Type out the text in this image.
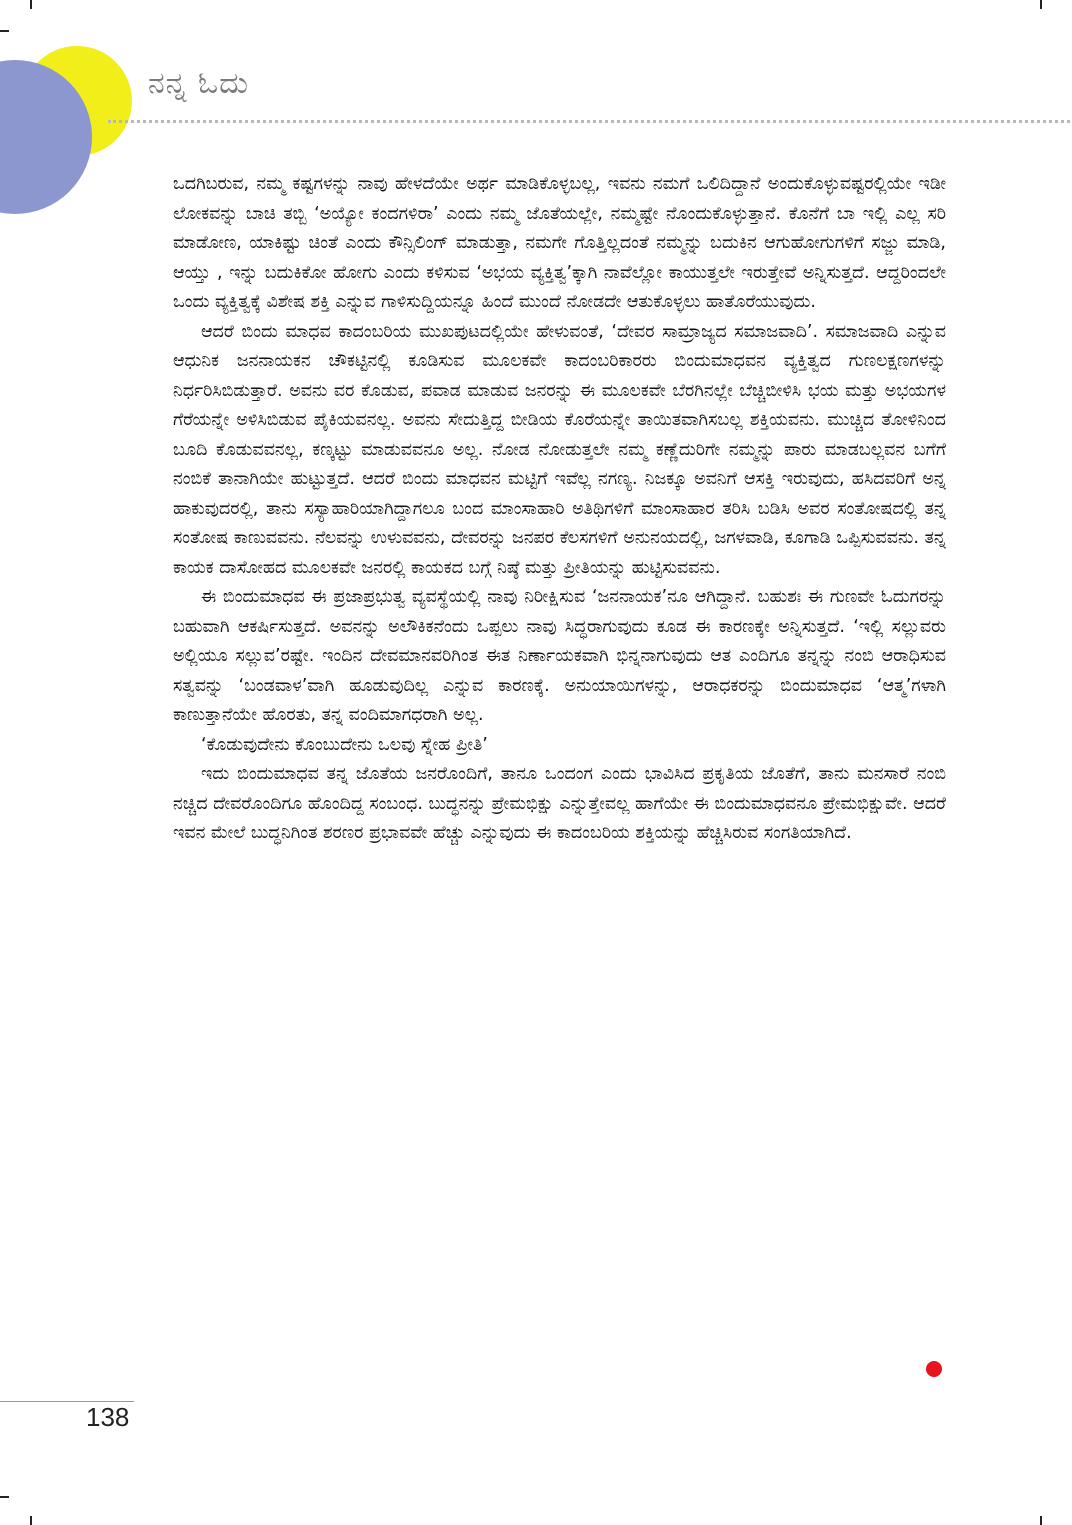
ನನ್ನ ಓದು

ಒದಗಿಬರುವ, ನಮ್ಮ ಕಷ್ಟಗಳನ್ನು ನಾವು ಹೇಳದೆಯೇ ಅರ್ಥ ಮಾಡಿಕೊಳ್ಳಬಲ್ಲ, ಇವನು ನಮಗೆ ಒಲಿದಿದ್ದಾನೆ ಅಂದುಕೊಳ್ಳುವಷ್ಟರಲ್ಲಿಯೇ ಇಡೀ ಲೋಕವನ್ನು ಬಾಚಿ ತಬ್ಬಿ ‘ಅಯ್ಯೋ ಕಂದಗಳಿರಾ’ ಎಂದು ನಮ್ಮ ಜೊತೆಯಲ್ಲೇ, ನಮ್ಮಷ್ಟೇ ನೊಂದುಕೊಳ್ಳುತ್ತಾನೆ. ಕೊನೆಗೆ ಬಾ ಇಲ್ಲಿ ಎಲ್ಲ ಸರಿ ಮಾಡೋಣ, ಯಾಕಿಷ್ಟು ಚಿಂತೆ ಎಂದು ಕೌನ್ಸಿಲಿಂಗ್ ಮಾಡುತ್ತಾ, ನಮಗೇ ಗೊತ್ತಿಲ್ಲದಂತೆ ನಮ್ಮನ್ನು ಬದುಕಿನ ಆಗುಹೋಗುಗಳಿಗೆ ಸಜ್ಜು ಮಾಡಿ, ಆಯ್ತು , ಇನ್ನು ಬದುಕಿಕೋ ಹೋಗು ಎಂದು ಕಳಿಸುವ ‘ಅಭಯ ವ್ಯಕ್ತಿತ್ವ’ಕ್ಕಾಗಿ ನಾವೆಲ್ಲೋ ಕಾಯುತ್ತಲೇ ಇರುತ್ತೇವೆ ಅನ್ನಿಸುತ್ತದೆ. ಆದ್ದರಿಂದಲೇ ಒಂದು ವ್ಯಕ್ತಿತ್ವಕ್ಕೆ ವಿಶೇಷ ಶಕ್ತಿ ಎನ್ನುವ ಗಾಳಿಸುದ್ದಿಯನ್ನೂ ಹಿಂದೆ ಮುಂದೆ ನೋಡದೇ ಆತುಕೊಳ್ಳಲು ಹಾತೊರೆಯುವುದು.

ಆದರೆ ಬಿಂದು ಮಾಧವ ಕಾದಂಬರಿಯ ಮುಖಪುಟದಲ್ಲಿಯೇ ಹೇಳುವಂತೆ, ‘ದೇವರ ಸಾಮ್ರಾಜ್ಯದ ಸಮಾಜವಾದಿ’. ಸಮಾಜವಾದಿ ಎನ್ನುವ ಆಧುನಿಕ ಜನನಾಯಕನ ಚೌಕಟ್ಟಿನಲ್ಲಿ ಕೂಡಿಸುವ ಮೂಲಕವೇ ಕಾದಂಬರಿಕಾರರು ಬಿಂದುಮಾಧವನ ವ್ಯಕ್ತಿತ್ವದ ಗುಣಲಕ್ಷಣಗಳನ್ನು ನಿರ್ಧರಿಸಿಬಿಡುತ್ತಾರೆ. ಅವನು ವರ ಕೊಡುವ, ಪವಾಡ ಮಾಡುವ ಜನರನ್ನು ಈ ಮೂಲಕವೇ ಬೆರಗಿನಲ್ಲೇ ಬೆಚ್ಚಿಬೀಳಿಸಿ ಭಯ ಮತ್ತು ಅಭಯಗಳ ಗೆರೆಯನ್ನೇ ಅಳಿಸಿಬಿಡುವ ಪೈಕಿಯವನಲ್ಲ. ಅವನು ಸೇದುತ್ತಿದ್ದ ಬೀಡಿಯ ಕೊರೆಯನ್ನೇ ತಾಯಿತವಾಗಿಸಬಲ್ಲ ಶಕ್ತಿಯವನು. ಮುಚ್ಚಿದ ತೋಳಿನಿಂದ ಬೂದಿ ಕೊಡುವವನಲ್ಲ, ಕಣ್ಕಟ್ಟು ಮಾಡುವವನೂ ಅಲ್ಲ. ನೋಡ ನೋಡುತ್ತಲೇ ನಮ್ಮ ಕಣ್ಣೆದುರಿಗೇ ನಮ್ಮನ್ನು ಪಾರು ಮಾಡಬಲ್ಲವನ ಬಗೆಗೆ ನಂಬಿಕೆ ತಾನಾಗಿಯೇ ಹುಟ್ಟುತ್ತದೆ. ಆದರೆ ಬಿಂದು ಮಾಧವನ ಮಟ್ಟಿಗೆ ಇವೆಲ್ಲ ನಗಣ್ಯ. ನಿಜಕ್ಕೂ ಅವನಿಗೆ ಆಸಕ್ತಿ ಇರುವುದು, ಹಸಿದವರಿಗೆ ಅನ್ನ ಹಾಕುವುದರಲ್ಲಿ, ತಾನು ಸಸ್ಯಾಹಾರಿಯಾಗಿದ್ದಾಗಲೂ ಬಂದ ಮಾಂಸಾಹಾರಿ ಅತಿಥಿಗಳಿಗೆ ಮಾಂಸಾಹಾರ ತರಿಸಿ ಬಡಿಸಿ ಅವರ ಸಂತೋಷದಲ್ಲಿ ತನ್ನ ಸಂತೋಷ ಕಾಣುವವನು. ನೆಲವನ್ನು ಉಳುವವನು, ದೇವರನ್ನು ಜನಪರ ಕೆಲಸಗಳಿಗೆ ಅನುನಯದಲ್ಲಿ, ಜಗಳವಾಡಿ, ಕೂಗಾಡಿ ಒಪ್ಪಿಸುವವನು. ತನ್ನ ಕಾಯಕ ದಾಸೋಹದ ಮೂಲಕವೇ ಜನರಲ್ಲಿ ಕಾಯಕದ ಬಗ್ಗೆ ನಿಷ್ಠೆ ಮತ್ತು ಪ್ರೀತಿಯನ್ನು ಹುಟ್ಟಿಸುವವನು.

ಈ ಬಿಂದುಮಾಧವ ಈ ಪ್ರಜಾಪ್ರಭುತ್ವ ವ್ಯವಸ್ಥೆಯಲ್ಲಿ ನಾವು ನಿರೀಕ್ಷಿಸುವ ‘ಜನನಾಯಕ’ನೂ ಆಗಿದ್ದಾನೆ. ಬಹುಶಃ ಈ ಗುಣವೇ ಓದುಗರನ್ನು ಬಹುವಾಗಿ ಆಕರ್ಷಿಸುತ್ತದೆ. ಅವನನ್ನು ಅಲೌಕಿಕನೆಂದು ಒಪ್ಪಲು ನಾವು ಸಿದ್ಧರಾಗುವುದು ಕೂಡ ಈ ಕಾರಣಕ್ಕೇ ಅನ್ನಿಸುತ್ತದೆ. ‘ಇಲ್ಲಿ ಸಲ್ಲುವರು ಅಲ್ಲಿಯೂ ಸಲ್ಲುವ’ರಷ್ಟೇ. ಇಂದಿನ ದೇವಮಾನವರಿಗಿಂತ ಈತ ನಿರ್ಣಾಯಕವಾಗಿ ಭಿನ್ನನಾಗುವುದು ಆತ ಎಂದಿಗೂ ತನ್ನನ್ನು ನಂಬಿ ಆರಾಧಿಸುವ ಸತ್ವವನ್ನು ‘ಬಂಡವಾಳ’ವಾಗಿ ಹೂಡುವುದಿಲ್ಲ ಎನ್ನುವ ಕಾರಣಕ್ಕೆ. ಅನುಯಾಯಿಗಳನ್ನು, ಆರಾಧಕರನ್ನು ಬಿಂದುಮಾಧವ ‘ಆತ್ಮ’ಗಳಾಗಿ ಕಾಣುತ್ತಾನೆಯೇ ಹೊರತು, ತನ್ನ ವಂದಿಮಾಗಧರಾಗಿ ಅಲ್ಲ.

‘ಕೊಡುವುದೇನು ಕೊಂಬುದೇನು ಒಲವು ಸ್ನೇಹ ಪ್ರೀತಿ’

ಇದು ಬಿಂದುಮಾಧವ ತನ್ನ ಜೊತೆಯ ಜನರೊಂದಿಗೆ, ತಾನೂ ಒಂದಂಗ ಎಂದು ಭಾವಿಸಿದ ಪ್ರಕೃತಿಯ ಜೊತೆಗೆ, ತಾನು ಮನಸಾರೆ ನಂಬಿ ನಚ್ಚಿದ ದೇವರೊಂದಿಗೂ ಹೊಂದಿದ್ದ ಸಂಬಂಧ. ಬುದ್ಧನನ್ನು ಪ್ರೇಮಭಿಕ್ಷು ಎನ್ನುತ್ತೇವಲ್ಲ ಹಾಗೆಯೇ ಈ ಬಿಂದುಮಾಧವನೂ ಪ್ರೇಮಭಿಕ್ಷುವೇ. ಆದರೆ ಇವನ ಮೇಲೆ ಬುದ್ಧನಿಗಿಂತ ಶರಣರ ಪ್ರಭಾವವೇ ಹೆಚ್ಚು ಎನ್ನುವುದು ಈ ಕಾದಂಬರಿಯ ಶಕ್ತಿಯನ್ನು ಹೆಚ್ಚಿಸಿರುವ ಸಂಗತಿಯಾಗಿದೆ.

138
